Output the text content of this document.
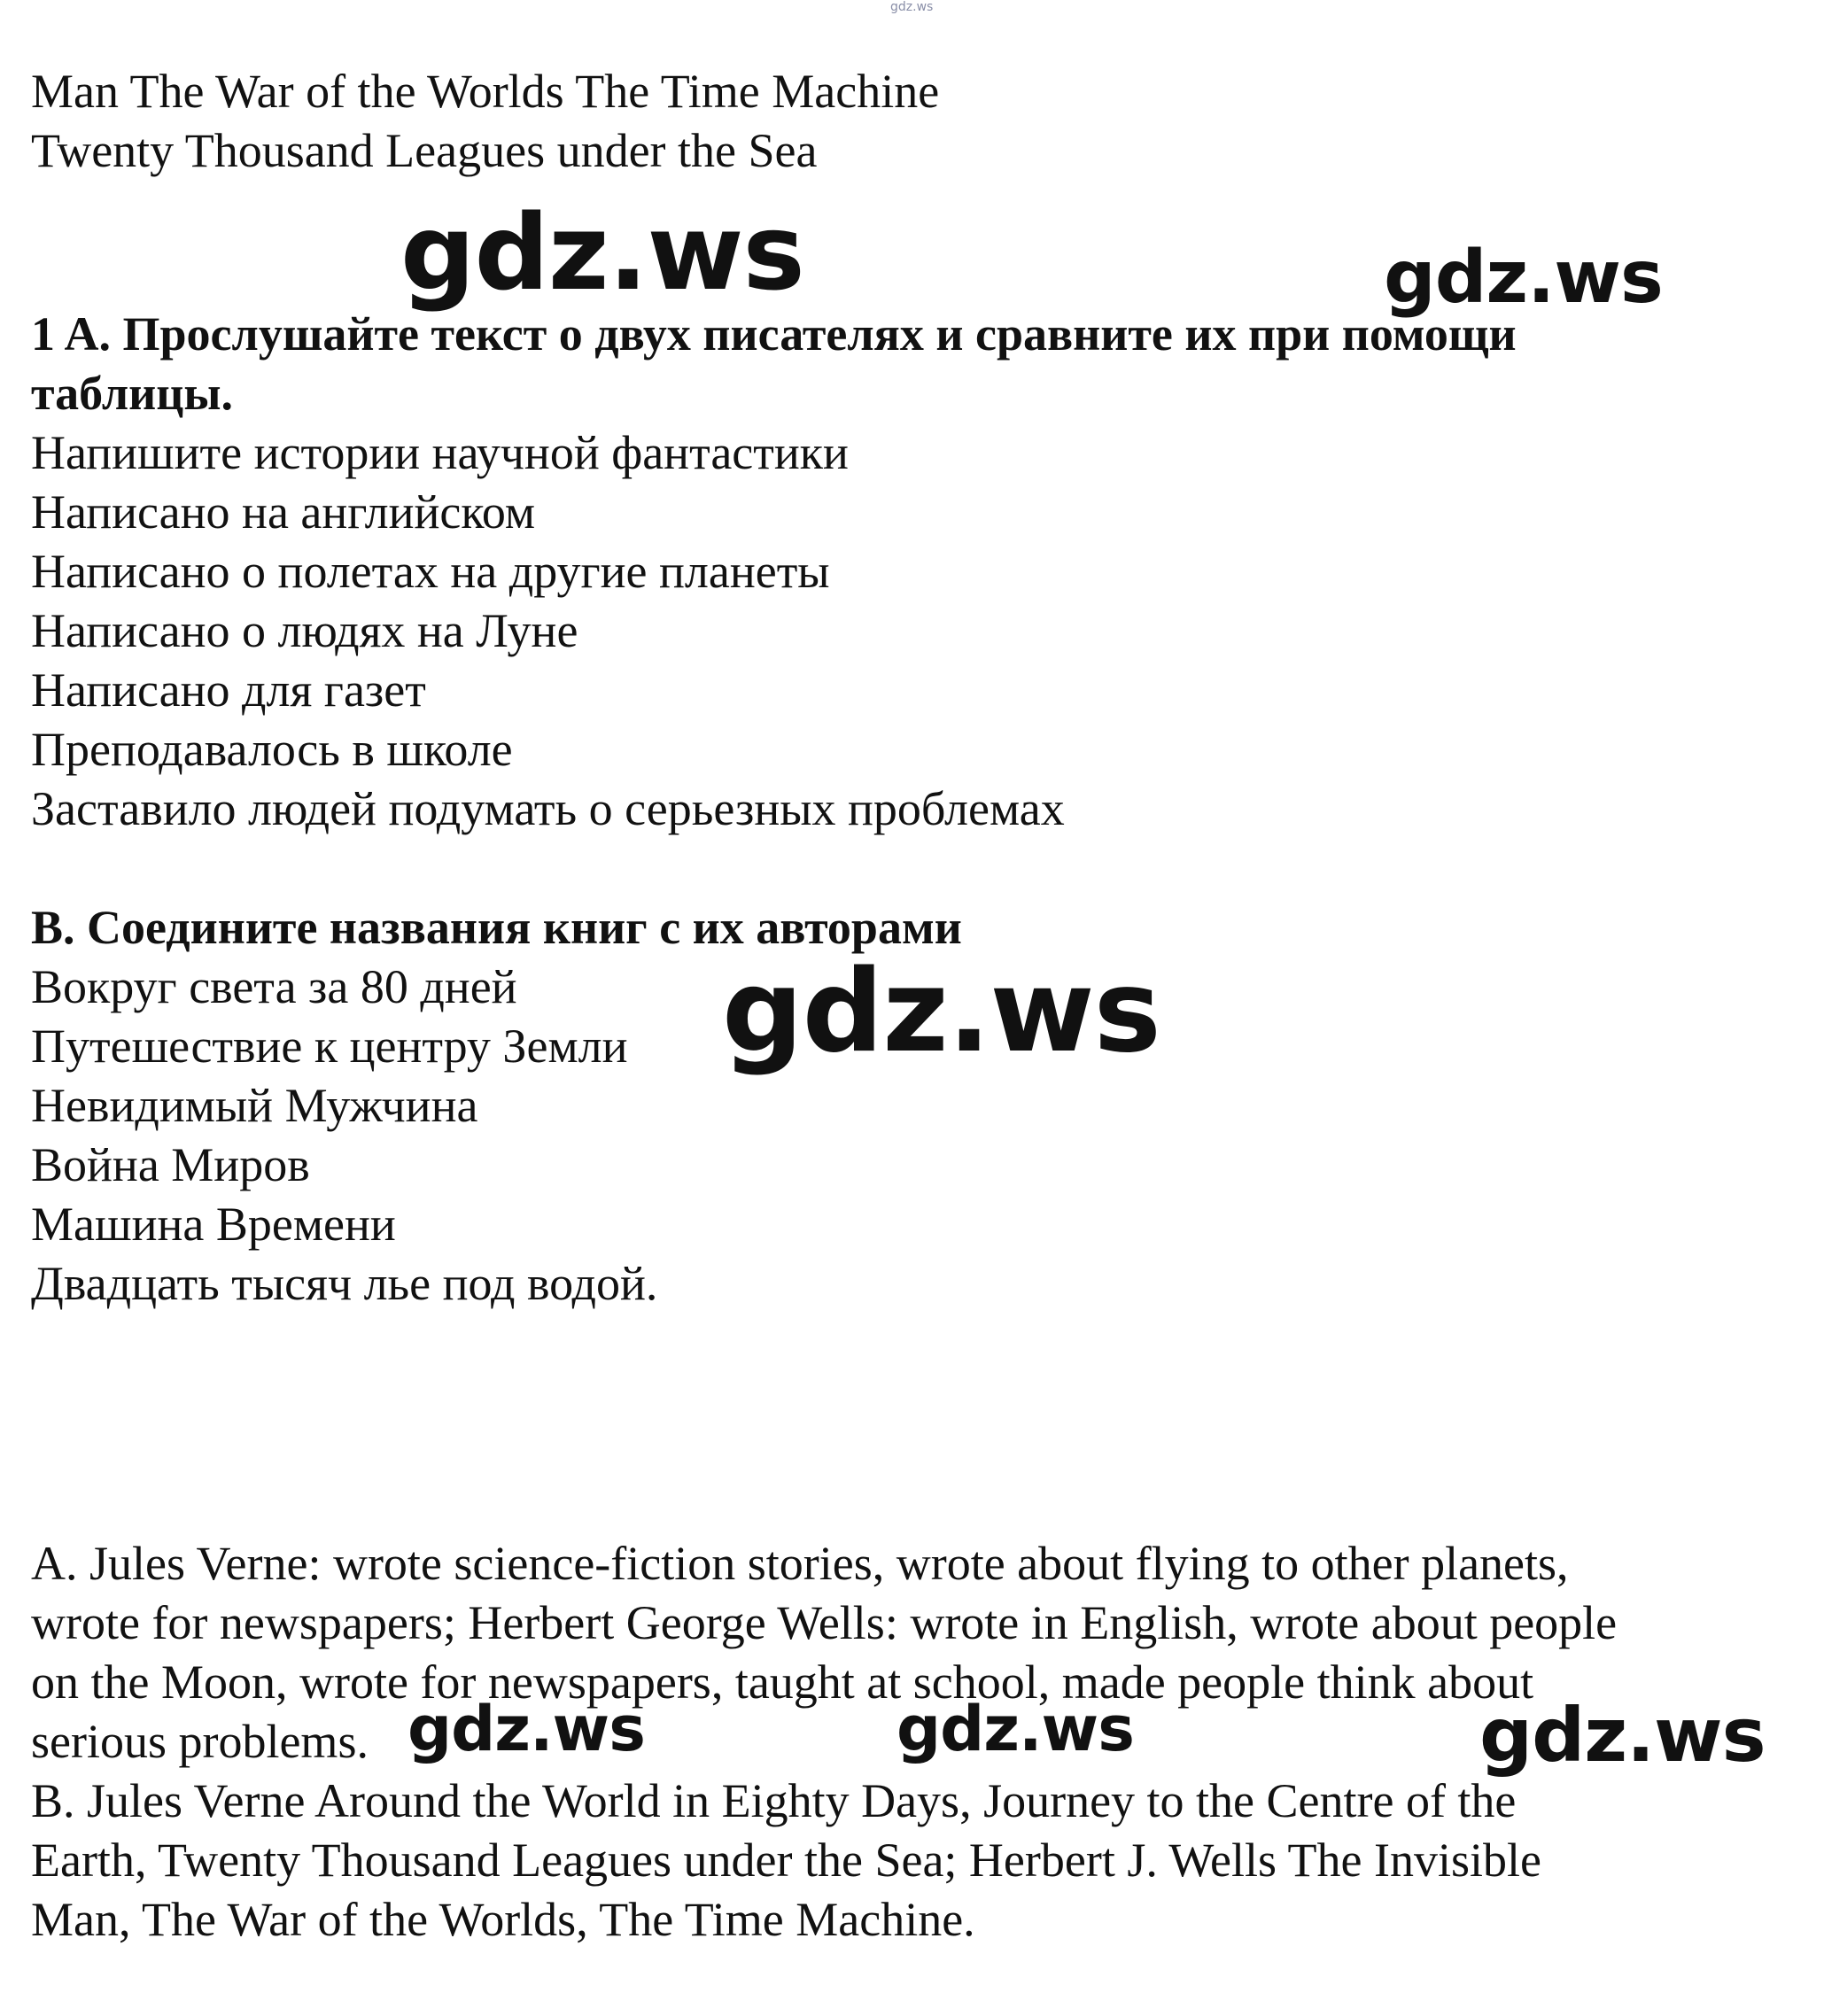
gdz.ws

Man The War of the Worlds The Time Machine

Twenty Thousand Leagues under the Sea

1 A. Прослушайте текст о двух писателях и сравните их при помощи

таблицы.

Напишите истории научной фантастики

Написано на английском

Написано о полетах на другие планеты

Написано о людях на Луне

Написано для газет

Преподавалось в школе

Заставило людей подумать о серьезных проблемах

B. Соедините названия книг с их авторами

Вокруг света за 80 дней

Путешествие к центру Земли

Невидимый Мужчина

Война Миров

Машина Времени

Двадцать тысяч лье под водой.

A. Jules Verne: wrote science-fiction stories, wrote about flying to other planets,

wrote for newspapers; Herbert George Wells: wrote in English, wrote about people

on the Moon, wrote for newspapers, taught at school, made people think about

serious problems.

B. Jules Verne Around the World in Eighty Days, Journey to the Centre of the

Earth, Twenty Thousand Leagues under the Sea; Herbert J. Wells The Invisible

Man, The War of the Worlds, The Time Machine.

gdz.ws	gdz.ws
gdz.ws
gdz.ws	gdz.ws	gdz.ws
